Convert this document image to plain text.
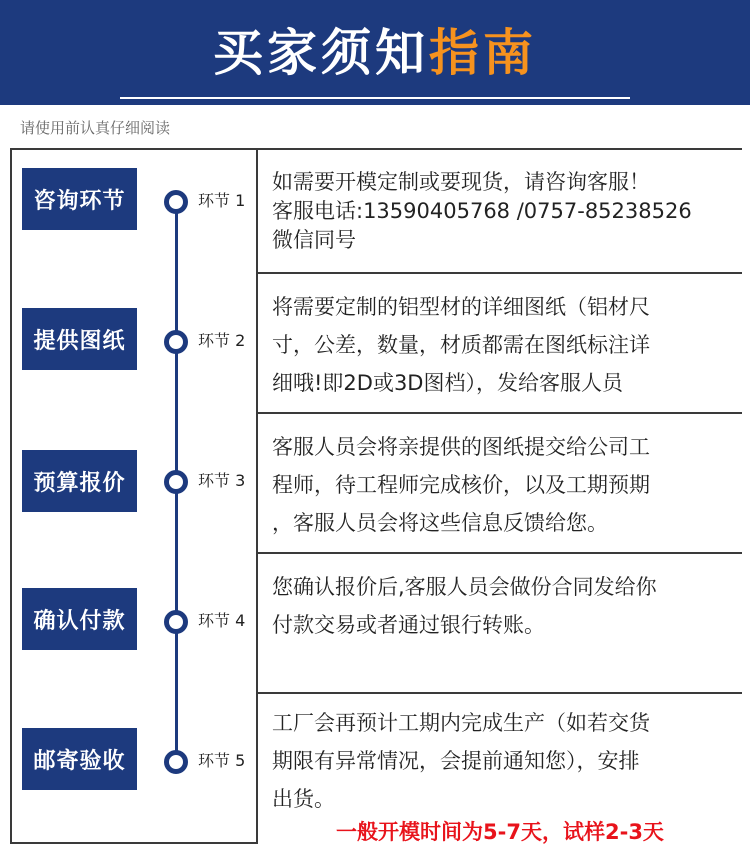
买家须知指南
请使用前认真仔细阅读
咨询环节	环节 1
如需要开模定制或要现货，请咨询客服！
客服电话:13590405768 /0757-85238526
微信同号
提供图纸	环节 2
将需要定制的铝型材的详细图纸（铝材尺
寸，公差，数量，材质都需在图纸标注详
细哦!即2D或3D图档），发给客服人员
预算报价	环节 3
客服人员会将亲提供的图纸提交给公司工
程师，待工程师完成核价，以及工期预期
，客服人员会将这些信息反馈给您。
确认付款	环节 4
您确认报价后,客服人员会做份合同发给你
付款交易或者通过银行转账。
邮寄验收	环节 5
工厂会再预计工期内完成生产（如若交货
期限有异常情况，会提前通知您），安排
出货。
一般开模时间为5-7天，试样2-3天
